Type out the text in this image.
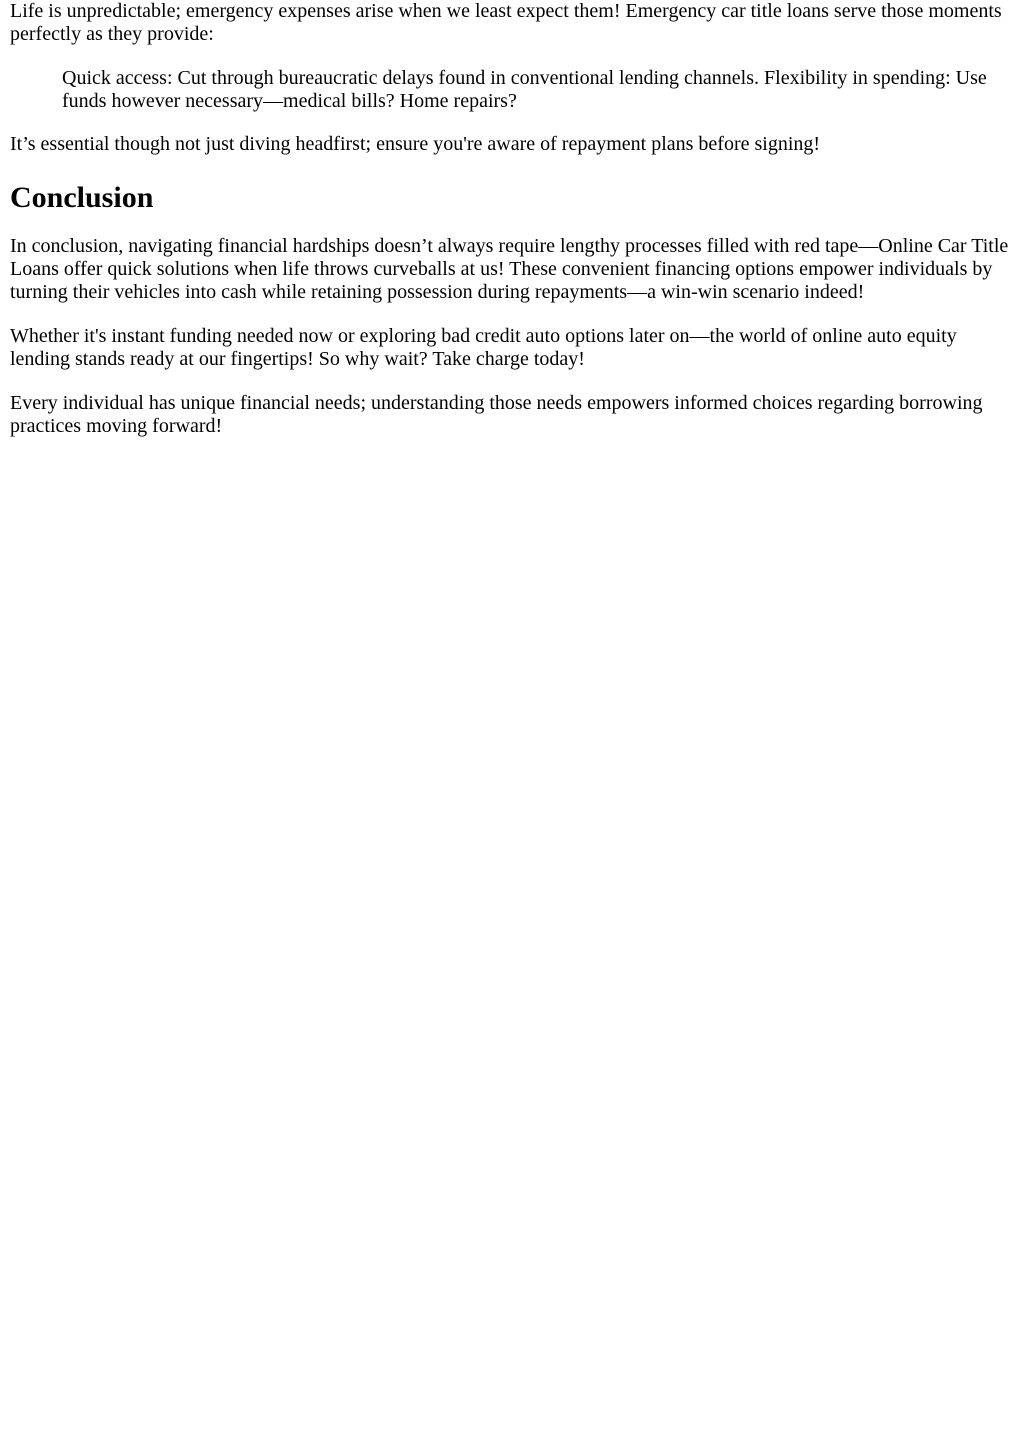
Life is unpredictable; emergency expenses arise when we least expect them! Emergency car title loans serve those moments perfectly as they provide:

Quick access: Cut through bureaucratic delays found in conventional lending channels. Flexibility in spending: Use funds however necessary—medical bills? Home repairs?

It’s essential though not just diving headfirst; ensure you're aware of repayment plans before signing!

Conclusion

In conclusion, navigating financial hardships doesn’t always require lengthy processes filled with red tape—Online Car Title Loans offer quick solutions when life throws curveballs at us! These convenient financing options empower individuals by turning their vehicles into cash while retaining possession during repayments—a win-win scenario indeed!

Whether it's instant funding needed now or exploring bad credit auto options later on—the world of online auto equity lending stands ready at our fingertips! So why wait? Take charge today!

Every individual has unique financial needs; understanding those needs empowers informed choices regarding borrowing practices moving forward!
